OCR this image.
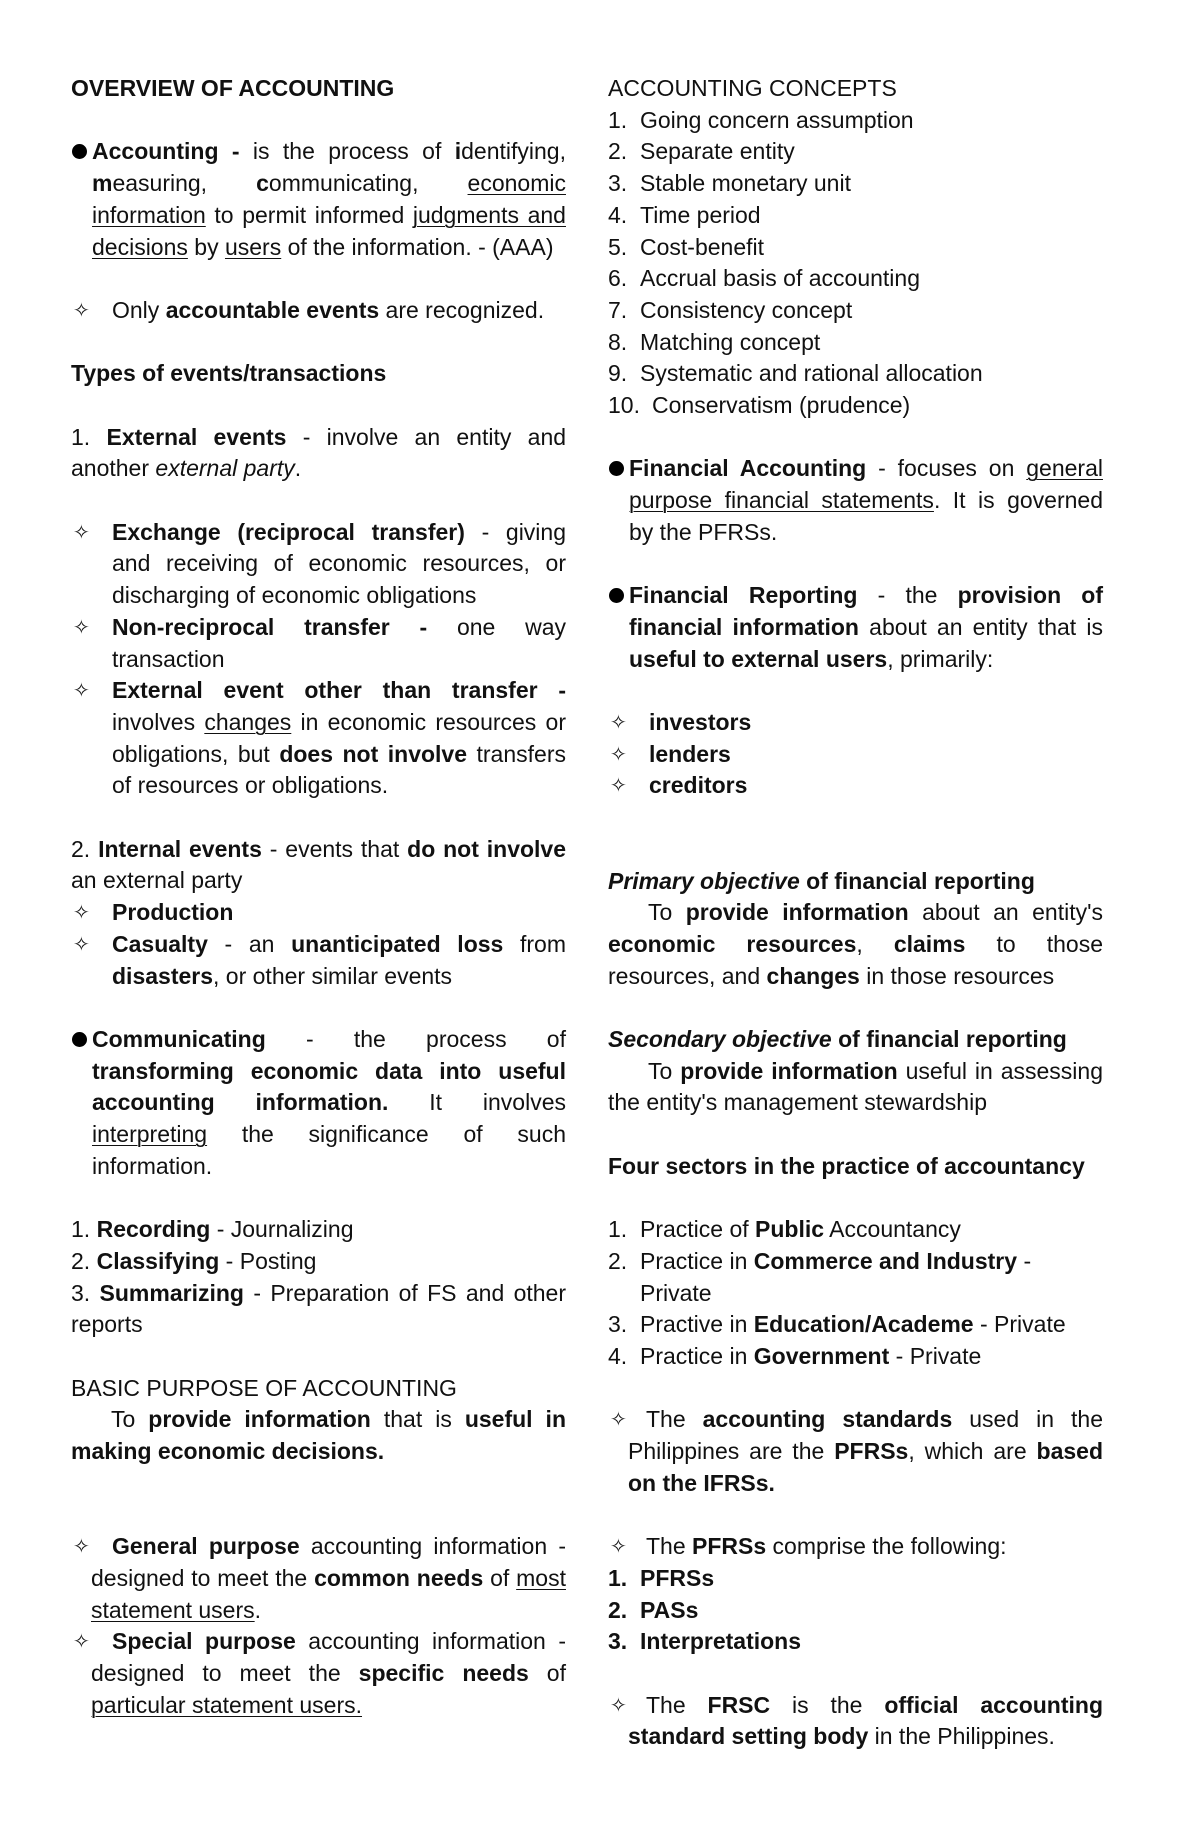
OVERVIEW OF ACCOUNTING

Accounting - is the process of identifying, measuring, communicating, economic information to permit informed judgments and decisions by users of the information. - (AAA)

✧ Only accountable events are recognized.

Types of events/transactions

1. External events - involve an entity and another external party.

✧ Exchange (reciprocal transfer) - giving and receiving of economic resources, or discharging of economic obligations

✧ Non-reciprocal transfer - one way transaction

✧ External event other than transfer - involves changes in economic resources or obligations, but does not involve transfers of resources or obligations.

2. Internal events - events that do not involve an external party

✧ Production

✧ Casualty - an unanticipated loss from disasters, or other similar events

Communicating - the process of transforming economic data into useful accounting information. It involves interpreting the significance of such information.

1. Recording - Journalizing

2. Classifying - Posting

3. Summarizing - Preparation of FS and other reports

BASIC PURPOSE OF ACCOUNTING

To provide information that is useful in making economic decisions.

✧ General purpose accounting information - designed to meet the common needs of most statement users.

✧ Special purpose accounting information - designed to meet the specific needs of particular statement users.

ACCOUNTING CONCEPTS

1. Going concern assumption

2. Separate entity

3. Stable monetary unit

4. Time period

5. Cost-benefit

6. Accrual basis of accounting

7. Consistency concept

8. Matching concept

9. Systematic and rational allocation

10. Conservatism (prudence)

Financial Accounting - focuses on general purpose financial statements. It is governed by the PFRSs.

Financial Reporting - the provision of financial information about an entity that is useful to external users, primarily:

✧ investors

✧ lenders

✧ creditors

Primary objective of financial reporting

To provide information about an entity's economic resources, claims to those resources, and changes in those resources

Secondary objective of financial reporting

To provide information useful in assessing the entity's management stewardship

Four sectors in the practice of accountancy

1. Practice of Public Accountancy

2. Practice in Commerce and Industry - Private

3. Practive in Education/Academe - Private

4. Practice in Government - Private

✧ The accounting standards used in the Philippines are the PFRSs, which are based on the IFRSs.

✧ The PFRSs comprise the following:

1. PFRSs

2. PASs

3. Interpretations

✧ The FRSC is the official accounting standard setting body in the Philippines.
